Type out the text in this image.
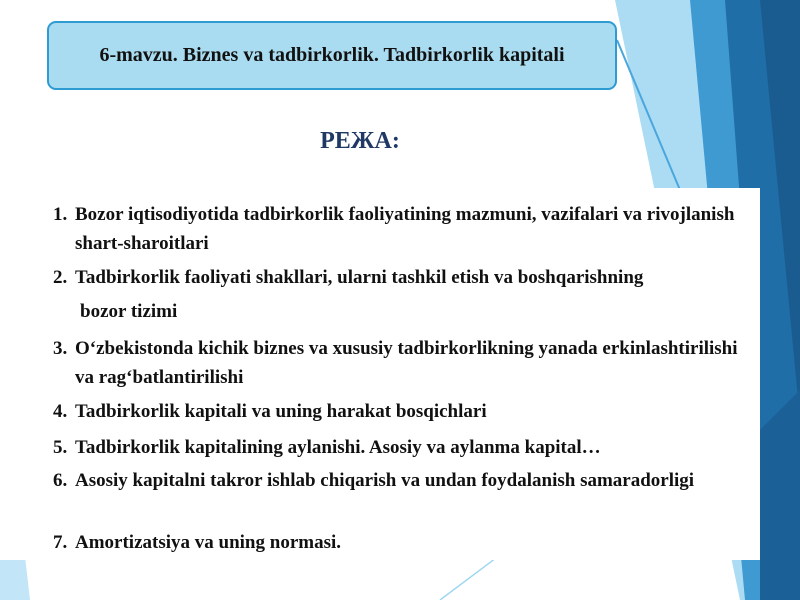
6-mavzu. Biznes va tadbirkorlik. Tadbirkorlik kapitali
РЕЖА:
1. Bozor iqtisodiyotida tadbirkorlik faoliyatining mazmuni, vazifalari va rivojlanish shart-sharoitlari
2. Tadbirkorlik faoliyati shakllari, ularni tashkil etish va boshqarishning
bozor tizimi
3. O‘zbekistonda kichik biznes va xususiy tadbirkorlikning yanada erkinlashtirilishi va rag‘batlantirilishi
4. Tadbirkorlik kapitali va uning harakat bosqichlari
5. Tadbirkorlik kapitalining aylanishi. Asosiy va aylanma kapital…
6. Asosiy kapitalni takror ishlab chiqarish va undan foydalanish samaradorligi
7. Amortizatsiya va uning normasi.
